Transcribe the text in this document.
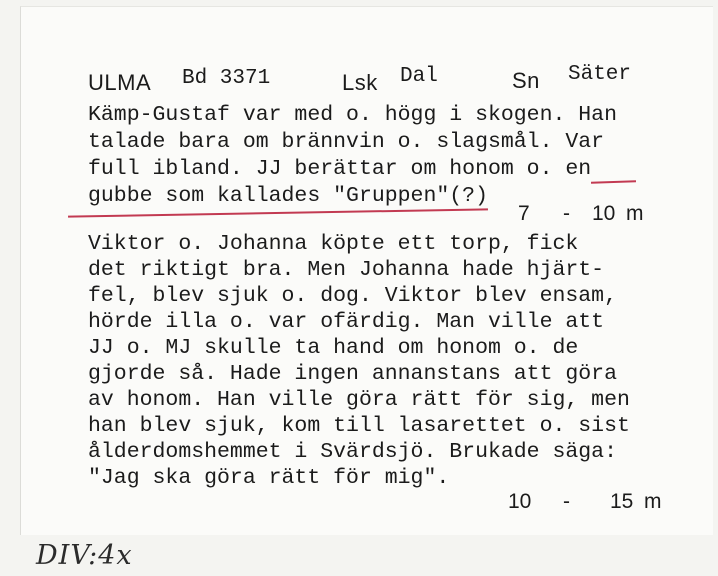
ULMA Bd 3371	Lsk Dal	Sn Säter
Kämp-Gustaf var med o. högg i skogen. Han
talade bara om brännvin o. slagsmål. Var
full ibland. JJ berättar om honom o. en
gubbe som kallades "Gruppen"(?)
7 - 10 m
Viktor o. Johanna köpte ett torp, fick
det riktigt bra. Men Johanna hade hjärt-
fel, blev sjuk o. dog. Viktor blev ensam,
hörde illa o. var ofärdig. Man ville att
JJ o. MJ skulle ta hand om honom o. de
gjorde så. Hade ingen annanstans att göra
av honom. Han ville göra rätt för sig, men
han blev sjuk, kom till lasarettet o. sist
ålderdomshemmet i Svärdsjö. Brukade säga:
"Jag ska göra rätt för mig".
10 - 15 m
DIV:4x
